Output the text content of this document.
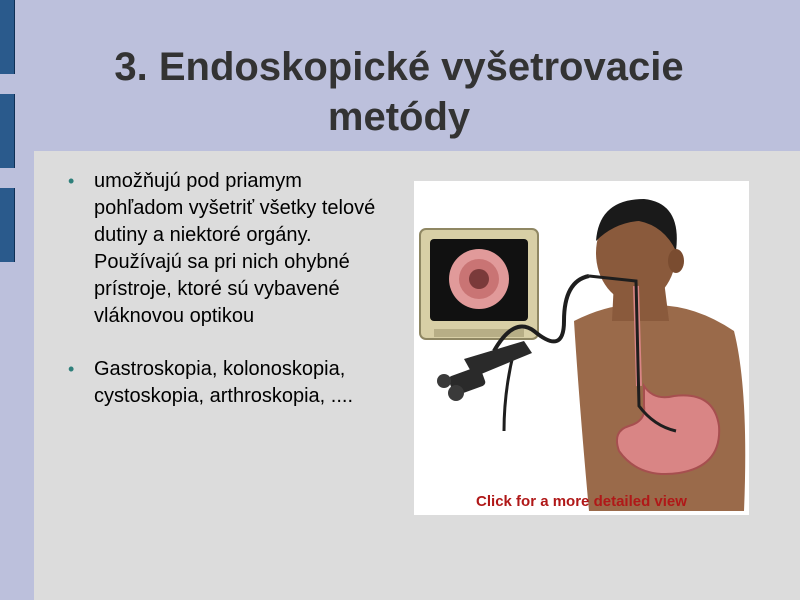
3. Endoskopické vyšetrovacie
metódy
• umožňujú pod priamym pohľadom vyšetriť všetky telové dutiny a niektoré orgány. Používajú sa pri nich ohybné prístroje, ktoré sú vybavené vláknovou optikou
• Gastroskopia, kolonoskopia, cystoskopia, arthroskopia, ....
Click for a more detailed view
